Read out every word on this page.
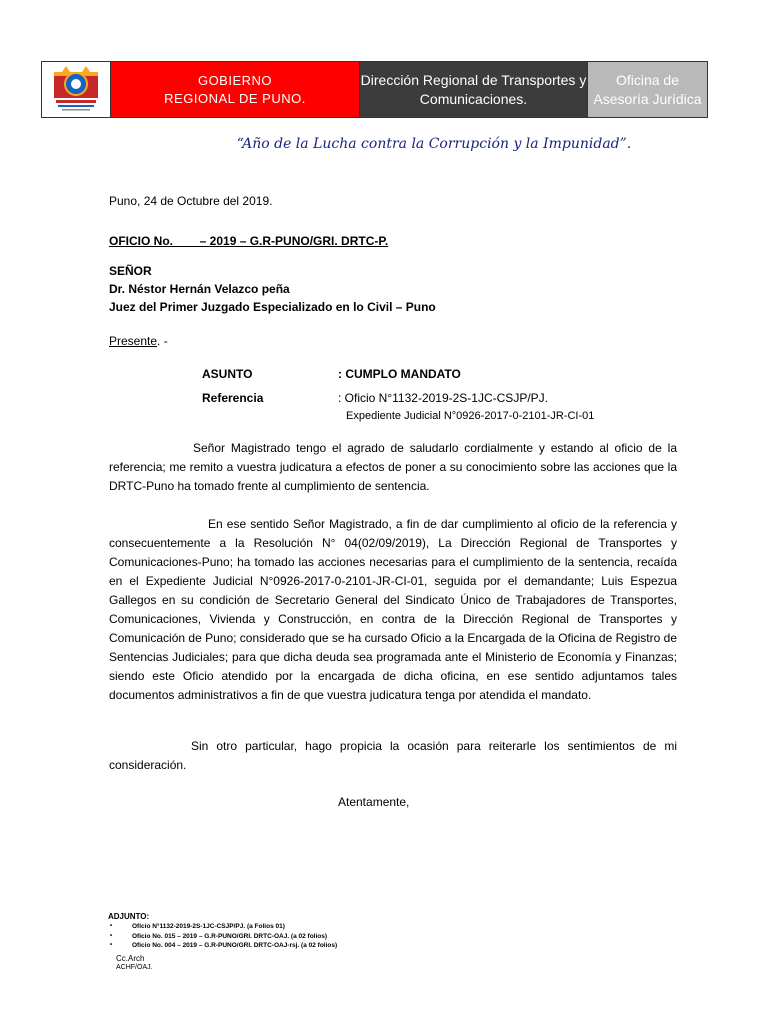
GOBIERNO
REGIONAL DE PUNO.
Dirección Regional de Transportes y
Comunicaciones.
Oficina de
Asesoría Jurídica
“Año de la Lucha contra la Corrupción y la Impunidad”.
Puno, 24 de Octubre del 2019.
OFICIO No.        – 2019 – G.R-PUNO/GRI. DRTC-P.
SEÑOR
Dr. Néstor Hernán Velazco peña
Juez del Primer Juzgado Especializado en lo Civil – Puno
Presente. -
ASUNTO	: CUMPLO MANDATO
Referencia	: Oficio N°1132-2019-2S-1JC-CSJP/PJ.
Expediente Judicial N°0926-2017-0-2101-JR-CI-01

Señor Magistrado tengo el agrado de saludarlo cordialmente y estando al oficio de la referencia; me remito a vuestra judicatura a efectos de poner a su conocimiento sobre las acciones que la DRTC-Puno ha tomado frente al cumplimiento de sentencia.

En ese sentido Señor Magistrado, a fin de dar cumplimiento al oficio de la referencia y consecuentemente a la Resolución N° 04(02/09/2019), La Dirección Regional de Transportes y Comunicaciones-Puno; ha tomado las acciones necesarias para el cumplimiento de la sentencia, recaída en el Expediente Judicial N°0926-2017-0-2101-JR-CI-01, seguida por el demandante; Luis Espezua Gallegos en su condición de Secretario General del Sindicato Único de Trabajadores de Transportes, Comunicaciones, Vivienda y Construcción, en contra de la Dirección Regional de Transportes y Comunicación de Puno; considerado que se ha cursado Oficio a la Encargada de la Oficina de Registro de Sentencias Judiciales; para que dicha deuda sea programada ante el Ministerio de Economía y Finanzas; siendo este Oficio atendido por la encargada de dicha oficina, en ese sentido adjuntamos tales documentos administrativos a fin de que vuestra judicatura tenga por atendida el mandato.

Sin otro particular, hago propicia la ocasión para reiterarle los sentimientos de mi consideración.

Atentamente,
ADJUNTO:
• Oficio N°1132-2019-2S-1JC-CSJP/PJ. (a Folios 01)
• Oficio No. 015 – 2019 – G.R-PUNO/GRI. DRTC-OAJ. (a 02 folios)
• Oficio No. 004 – 2019 – G.R-PUNO/GRI. DRTC-OAJ-rsj. (a 02 folios)
Cc.Arch
ACHF/OAJ.
